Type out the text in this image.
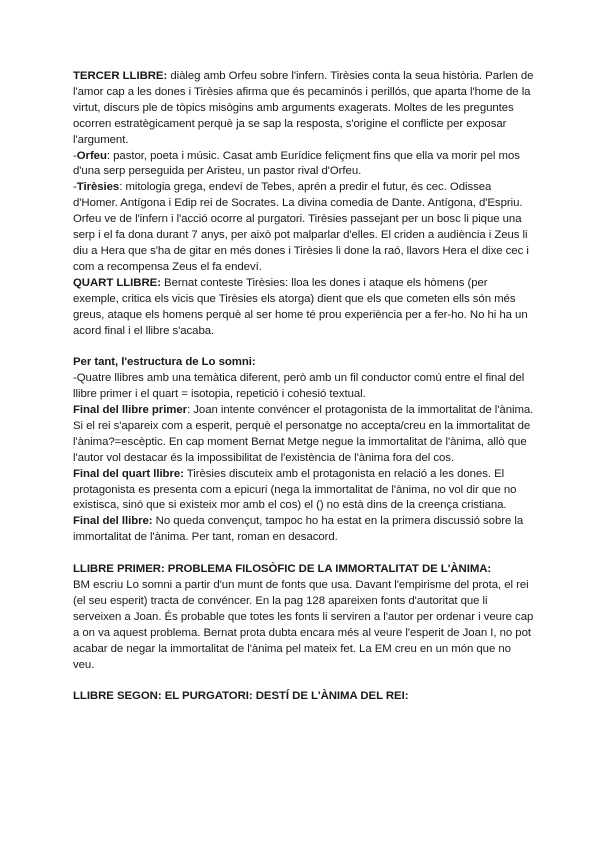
TERCER LLIBRE: diàleg amb Orfeu sobre l'infern. Tirèsies conta la seua història. Parlen de l'amor cap a les dones i Tirèsies afirma que és pecaminós i perillós, que aparta l'home de la virtut, discurs ple de tòpics misògins amb arguments exagerats. Moltes de les preguntes ocorren estratègicament perquè ja se sap la resposta, s'origine el conflicte per exposar l'argument.

-Orfeu: pastor, poeta i músic. Casat amb Eurídice feliçment fins que ella va morir pel mos d'una serp perseguida per Aristeu, un pastor rival d'Orfeu.

-Tirèsies: mitologia grega, endeví de Tebes, aprén a predir el futur, és cec. Odissea d'Homer. Antígona i Edip rei de Socrates. La divina comedia de Dante. Antígona, d'Espriu.

Orfeu ve de l'infern i l'acció ocorre al purgatori. Tirèsies passejant per un bosc li pique una serp i el fa dona durant 7 anys, per això pot malparlar d'elles. El criden a audiència i Zeus li diu a Hera que s'ha de gitar en més dones i Tirèsies li done la raó, llavors Hera el dixe cec i com a recompensa Zeus el fa endeví.

QUART LLIBRE: Bernat conteste Tirèsies: lloa les dones i ataque els hòmens (per exemple, critica els vicis que Tirèsies els atorga) dient que els que cometen ells són més greus, ataque els homens perquè al ser home té prou experiència per a fer-ho. No hi ha un acord final i el llibre s'acaba.

Per tant, l'estructura de Lo somni:

-Quatre llibres amb una temàtica diferent, però amb un fil conductor comú entre el final del llibre primer i el quart = isotopia, repetició i cohesió textual.

Final del llibre primer: Joan intente convéncer el protagonista de la immortalitat de l'ànima. Si el rei s'apareix com a esperit, perquè el personatge no accepta/creu en la immortalitat de l'ànima?=escèptic. En cap moment Bernat Metge negue la immortalitat de l'ànima, allò que l'autor vol destacar és la impossibilitat de l'existència de l'ànima fora del cos.

Final del quart llibre: Tirèsies discuteix amb el protagonista en relació a les dones. El protagonista es presenta com a epicuri (nega la immortalitat de l'ànima, no vol dir que no existisca, sinó que si existeix mor amb el cos) el () no està dins de la creença cristiana.

Final del llibre: No queda convençut, tampoc ho ha estat en la primera discussió sobre la immortalitat de l'ànima. Per tant, roman en desacord.

LLIBRE PRIMER: PROBLEMA FILOSÒFIC DE LA IMMORTALITAT DE L'ÀNIMA:

BM escriu Lo somni a partir d'un munt de fonts que usa. Davant l'empirisme del prota, el rei (el seu esperit) tracta de convéncer. En la pag 128 apareixen fonts d'autoritat que li serveixen a Joan. És probable que totes les fonts li serviren a l'autor per ordenar i veure cap a on va aquest problema. Bernat prota dubta encara més al veure l'esperit de Joan I, no pot acabar de negar la immortalitat de l'ànima pel mateix fet. La EM creu en un món que no veu.

LLIBRE SEGON: EL PURGATORI: DESTÍ DE L'ÀNIMA DEL REI:
